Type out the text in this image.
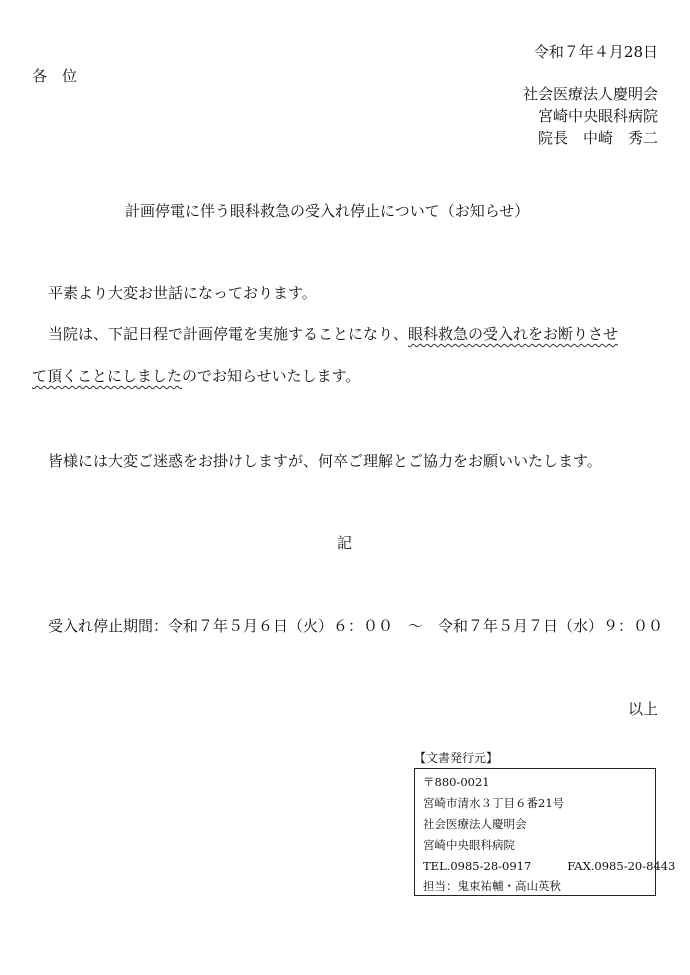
令和７年４月28日
各　位
社会医療法人慶明会
宮崎中央眼科病院
院長　中崎　秀二
計画停電に伴う眼科救急の受入れ停止について（お知らせ）
平素より大変お世話になっております。
当院は、下記日程で計画停電を実施することになり、眼科救急の受入れをお断りさせ
て頂くことにしましたのでお知らせいたします。
皆様には大変ご迷惑をお掛けしますが、何卒ご理解とご協力をお願いいたします。
記
受入れ停止期間：令和７年５月６日（火）６：００　～　令和７年５月７日（水）９：００
以上
【文書発行元】
〒880-0021
宮崎市清水３丁目６番21号
社会医療法人慶明会
宮崎中央眼科病院
TEL.0985-28-0917	FAX.0985-20-8443
担当：鬼束祐輔・高山英秋
